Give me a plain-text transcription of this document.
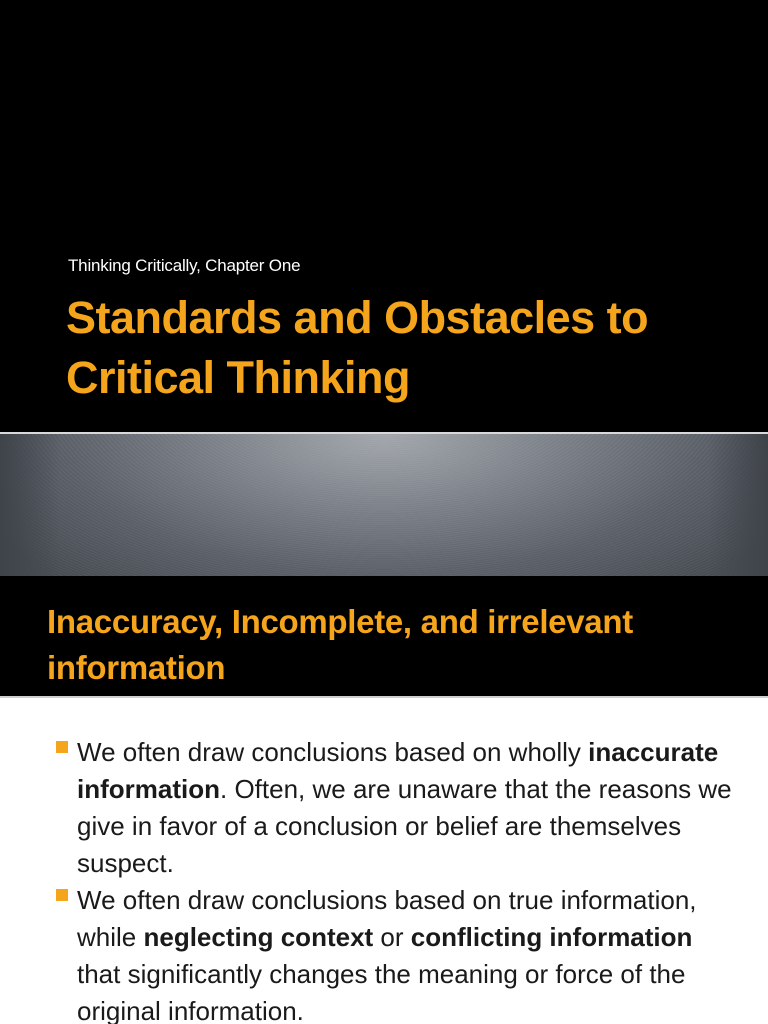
Thinking Critically, Chapter One
Standards and Obstacles to Critical Thinking
Inaccuracy, Incomplete, and irrelevant information
We often draw conclusions based on wholly inaccurate information. Often, we are unaware that the reasons we give in favor of a conclusion or belief are themselves suspect.
We often draw conclusions based on true information, while neglecting context or conflicting information that significantly changes the meaning or force of the original information.
